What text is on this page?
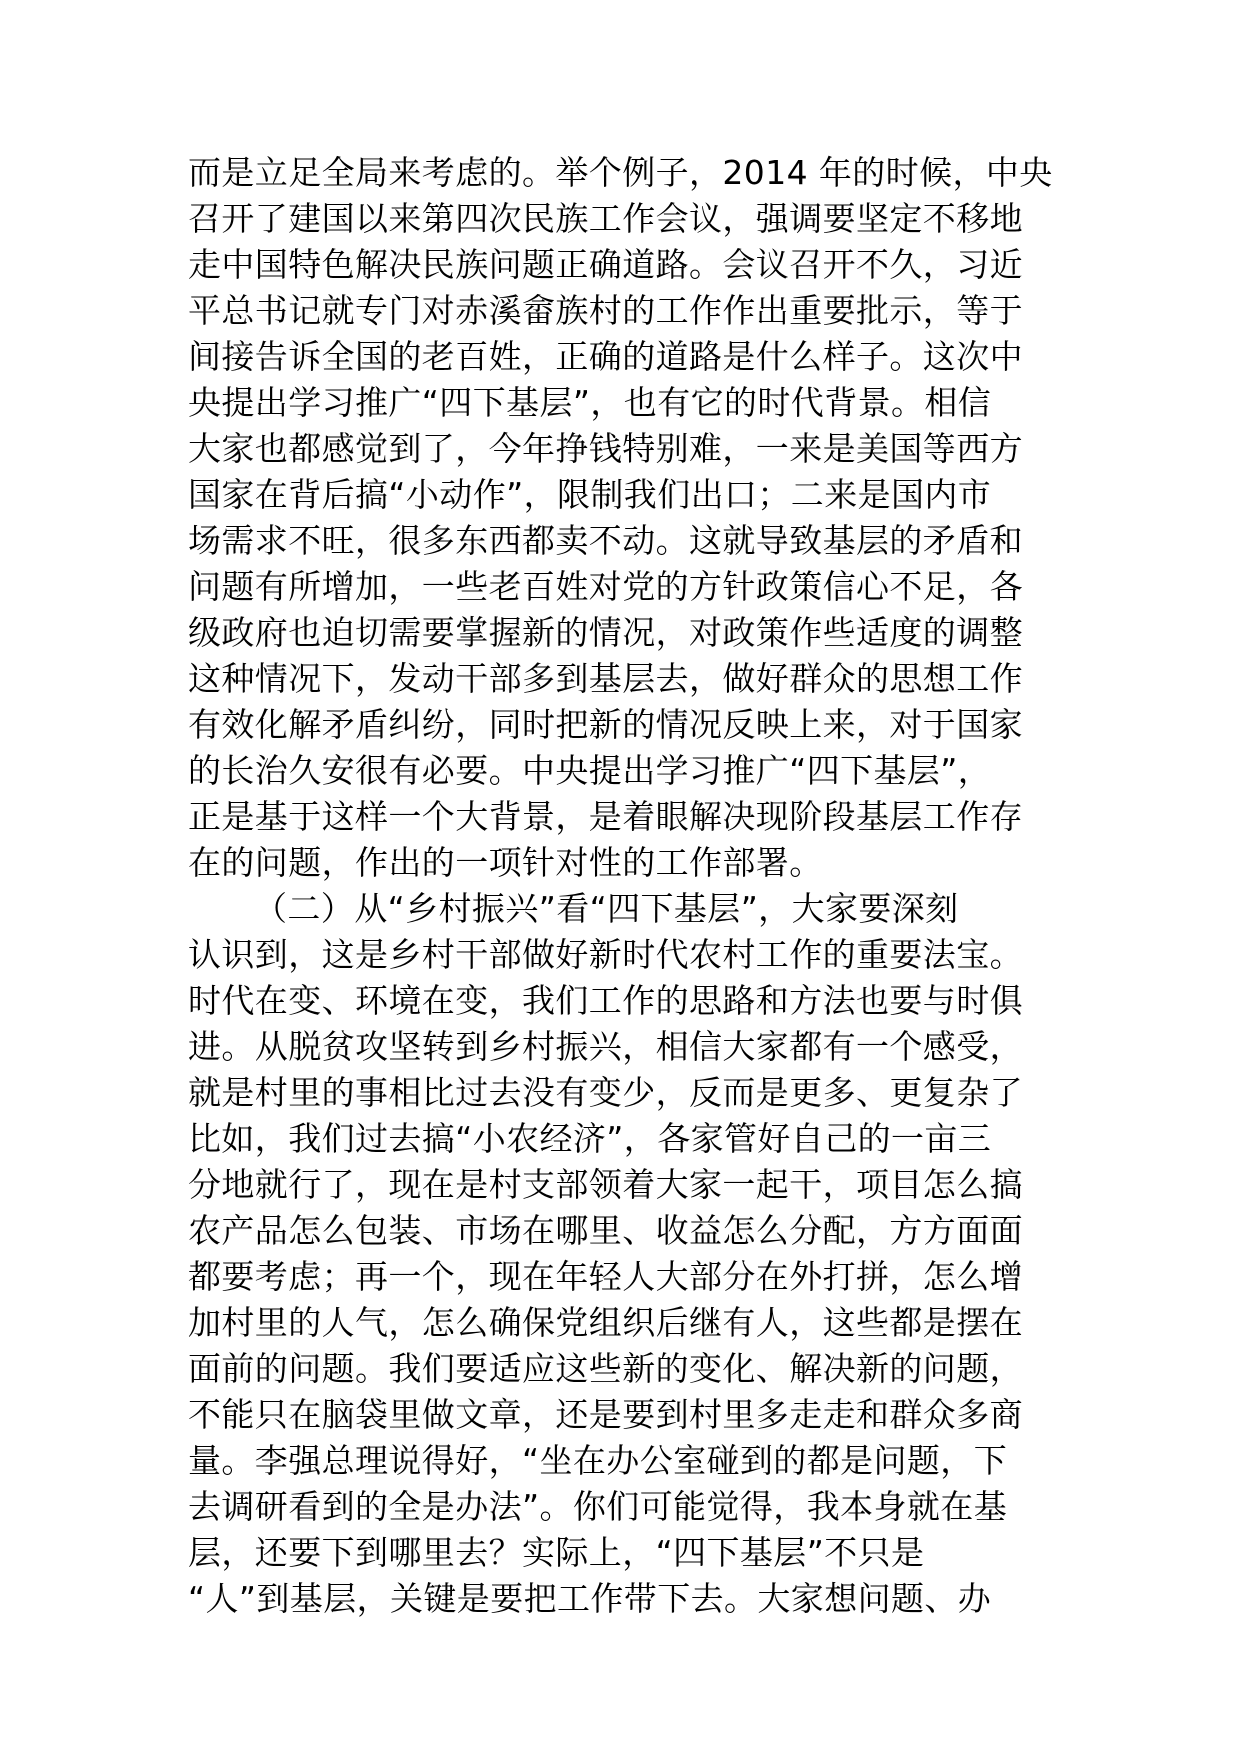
而是立足全局来考虑的。举个例子，2014 年的时候，中央
召开了建国以来第四次民族工作会议，强调要坚定不移地
走中国特色解决民族问题正确道路。会议召开不久，习近
平总书记就专门对赤溪畲族村的工作作出重要批示，等于
间接告诉全国的老百姓，正确的道路是什么样子。这次中
央提出学习推广“四下基层”，也有它的时代背景。相信
大家也都感觉到了，今年挣钱特别难，一来是美国等西方
国家在背后搞“小动作”，限制我们出口；二来是国内市
场需求不旺，很多东西都卖不动。这就导致基层的矛盾和
问题有所增加，一些老百姓对党的方针政策信心不足，各
级政府也迫切需要掌握新的情况，对政策作些适度的调整
这种情况下，发动干部多到基层去，做好群众的思想工作
有效化解矛盾纠纷，同时把新的情况反映上来，对于国家
的长治久安很有必要。中央提出学习推广“四下基层”，
正是基于这样一个大背景，是着眼解决现阶段基层工作存
在的问题，作出的一项针对性的工作部署。
（二）从“乡村振兴”看“四下基层”，大家要深刻
认识到，这是乡村干部做好新时代农村工作的重要法宝。
时代在变、环境在变，我们工作的思路和方法也要与时俱
进。从脱贫攻坚转到乡村振兴，相信大家都有一个感受，
就是村里的事相比过去没有变少，反而是更多、更复杂了
比如，我们过去搞“小农经济”，各家管好自己的一亩三
分地就行了，现在是村支部领着大家一起干，项目怎么搞
农产品怎么包装、市场在哪里、收益怎么分配，方方面面
都要考虑；再一个，现在年轻人大部分在外打拼，怎么增
加村里的人气，怎么确保党组织后继有人，这些都是摆在
面前的问题。我们要适应这些新的变化、解决新的问题，
不能只在脑袋里做文章，还是要到村里多走走和群众多商
量。李强总理说得好，“坐在办公室碰到的都是问题，下
去调研看到的全是办法”。你们可能觉得，我本身就在基
层，还要下到哪里去？实际上，“四下基层”不只是
“人”到基层，关键是要把工作带下去。大家想问题、办
